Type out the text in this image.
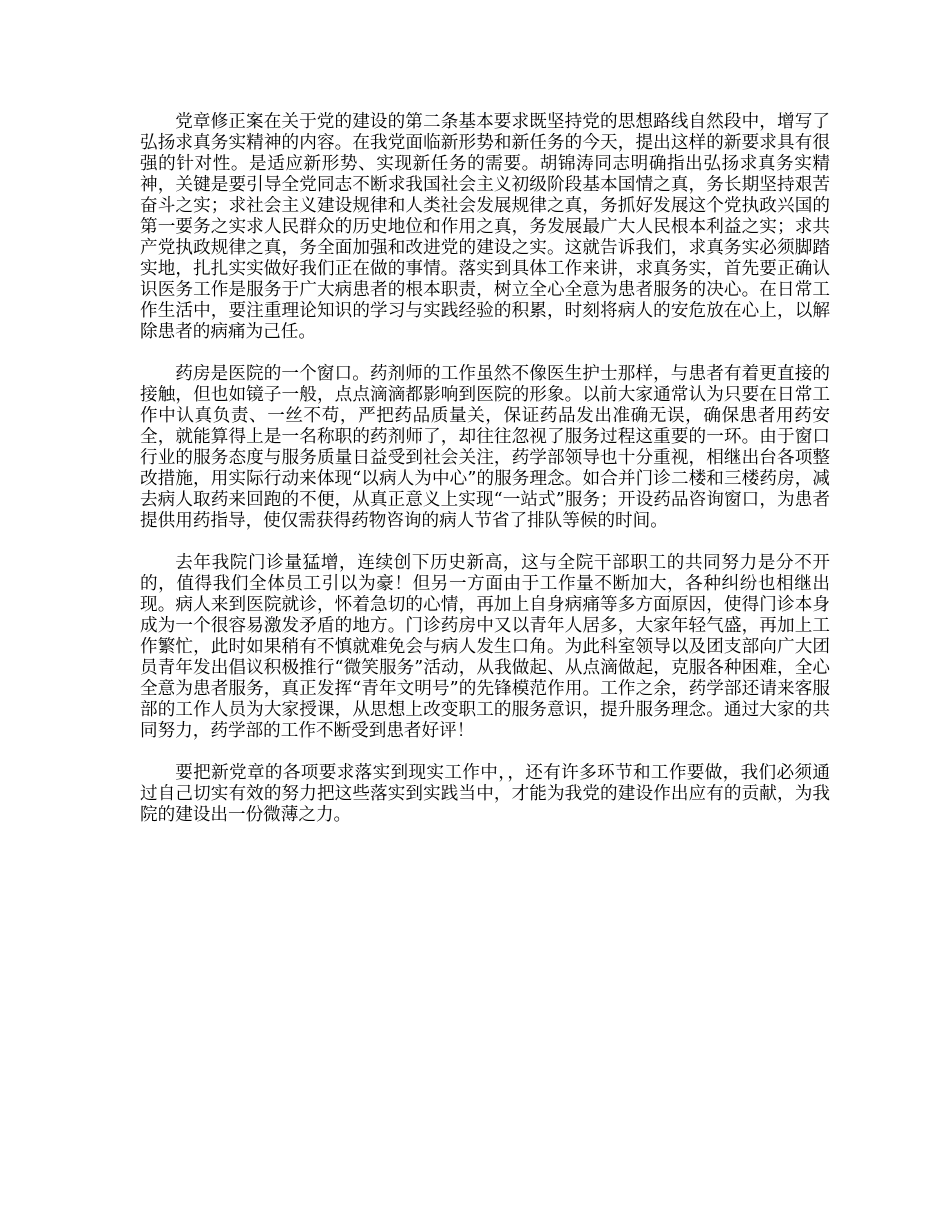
党章修正案在关于党的建设的第二条基本要求既坚持党的思想路线自然段中，增写了弘扬求真务实精神的内容。在我党面临新形势和新任务的今天，提出这样的新要求具有很强的针对性。是适应新形势、实现新任务的需要。胡锦涛同志明确指出弘扬求真务实精神，关键是要引导全党同志不断求我国社会主义初级阶段基本国情之真，务长期坚持艰苦奋斗之实；求社会主义建设规律和人类社会发展规律之真，务抓好发展这个党执政兴国的第一要务之实求人民群众的历史地位和作用之真，务发展最广大人民根本利益之实；求共产党执政规律之真，务全面加强和改进党的建设之实。这就告诉我们，求真务实必须脚踏实地，扎扎实实做好我们正在做的事情。落实到具体工作来讲，求真务实，首先要正确认识医务工作是服务于广大病患者的根本职责，树立全心全意为患者服务的决心。在日常工作生活中，要注重理论知识的学习与实践经验的积累，时刻将病人的安危放在心上，以解除患者的病痛为己任。

药房是医院的一个窗口。药剂师的工作虽然不像医生护士那样，与患者有着更直接的接触，但也如镜子一般，点点滴滴都影响到医院的形象。以前大家通常认为只要在日常工作中认真负责、一丝不苟，严把药品质量关，保证药品发出准确无误，确保患者用药安全，就能算得上是一名称职的药剂师了，却往往忽视了服务过程这重要的一环。由于窗口行业的服务态度与服务质量日益受到社会关注，药学部领导也十分重视，相继出台各项整改措施，用实际行动来体现“以病人为中心”的服务理念。如合并门诊二楼和三楼药房，减去病人取药来回跑的不便，从真正意义上实现“一站式”服务；开设药品咨询窗口，为患者提供用药指导，使仅需获得药物咨询的病人节省了排队等候的时间。

去年我院门诊量猛增，连续创下历史新高，这与全院干部职工的共同努力是分不开的，值得我们全体员工引以为豪！但另一方面由于工作量不断加大，各种纠纷也相继出现。病人来到医院就诊，怀着急切的心情，再加上自身病痛等多方面原因，使得门诊本身成为一个很容易激发矛盾的地方。门诊药房中又以青年人居多，大家年轻气盛，再加上工作繁忙，此时如果稍有不慎就难免会与病人发生口角。为此科室领导以及团支部向广大团员青年发出倡议积极推行“微笑服务”活动，从我做起、从点滴做起，克服各种困难，全心全意为患者服务，真正发挥“青年文明号”的先锋模范作用。工作之余，药学部还请来客服部的工作人员为大家授课，从思想上改变职工的服务意识，提升服务理念。通过大家的共同努力，药学部的工作不断受到患者好评！

要把新党章的各项要求落实到现实工作中，，还有许多环节和工作要做，我们必须通过自己切实有效的努力把这些落实到实践当中，才能为我党的建设作出应有的贡献，为我院的建设出一份微薄之力。
